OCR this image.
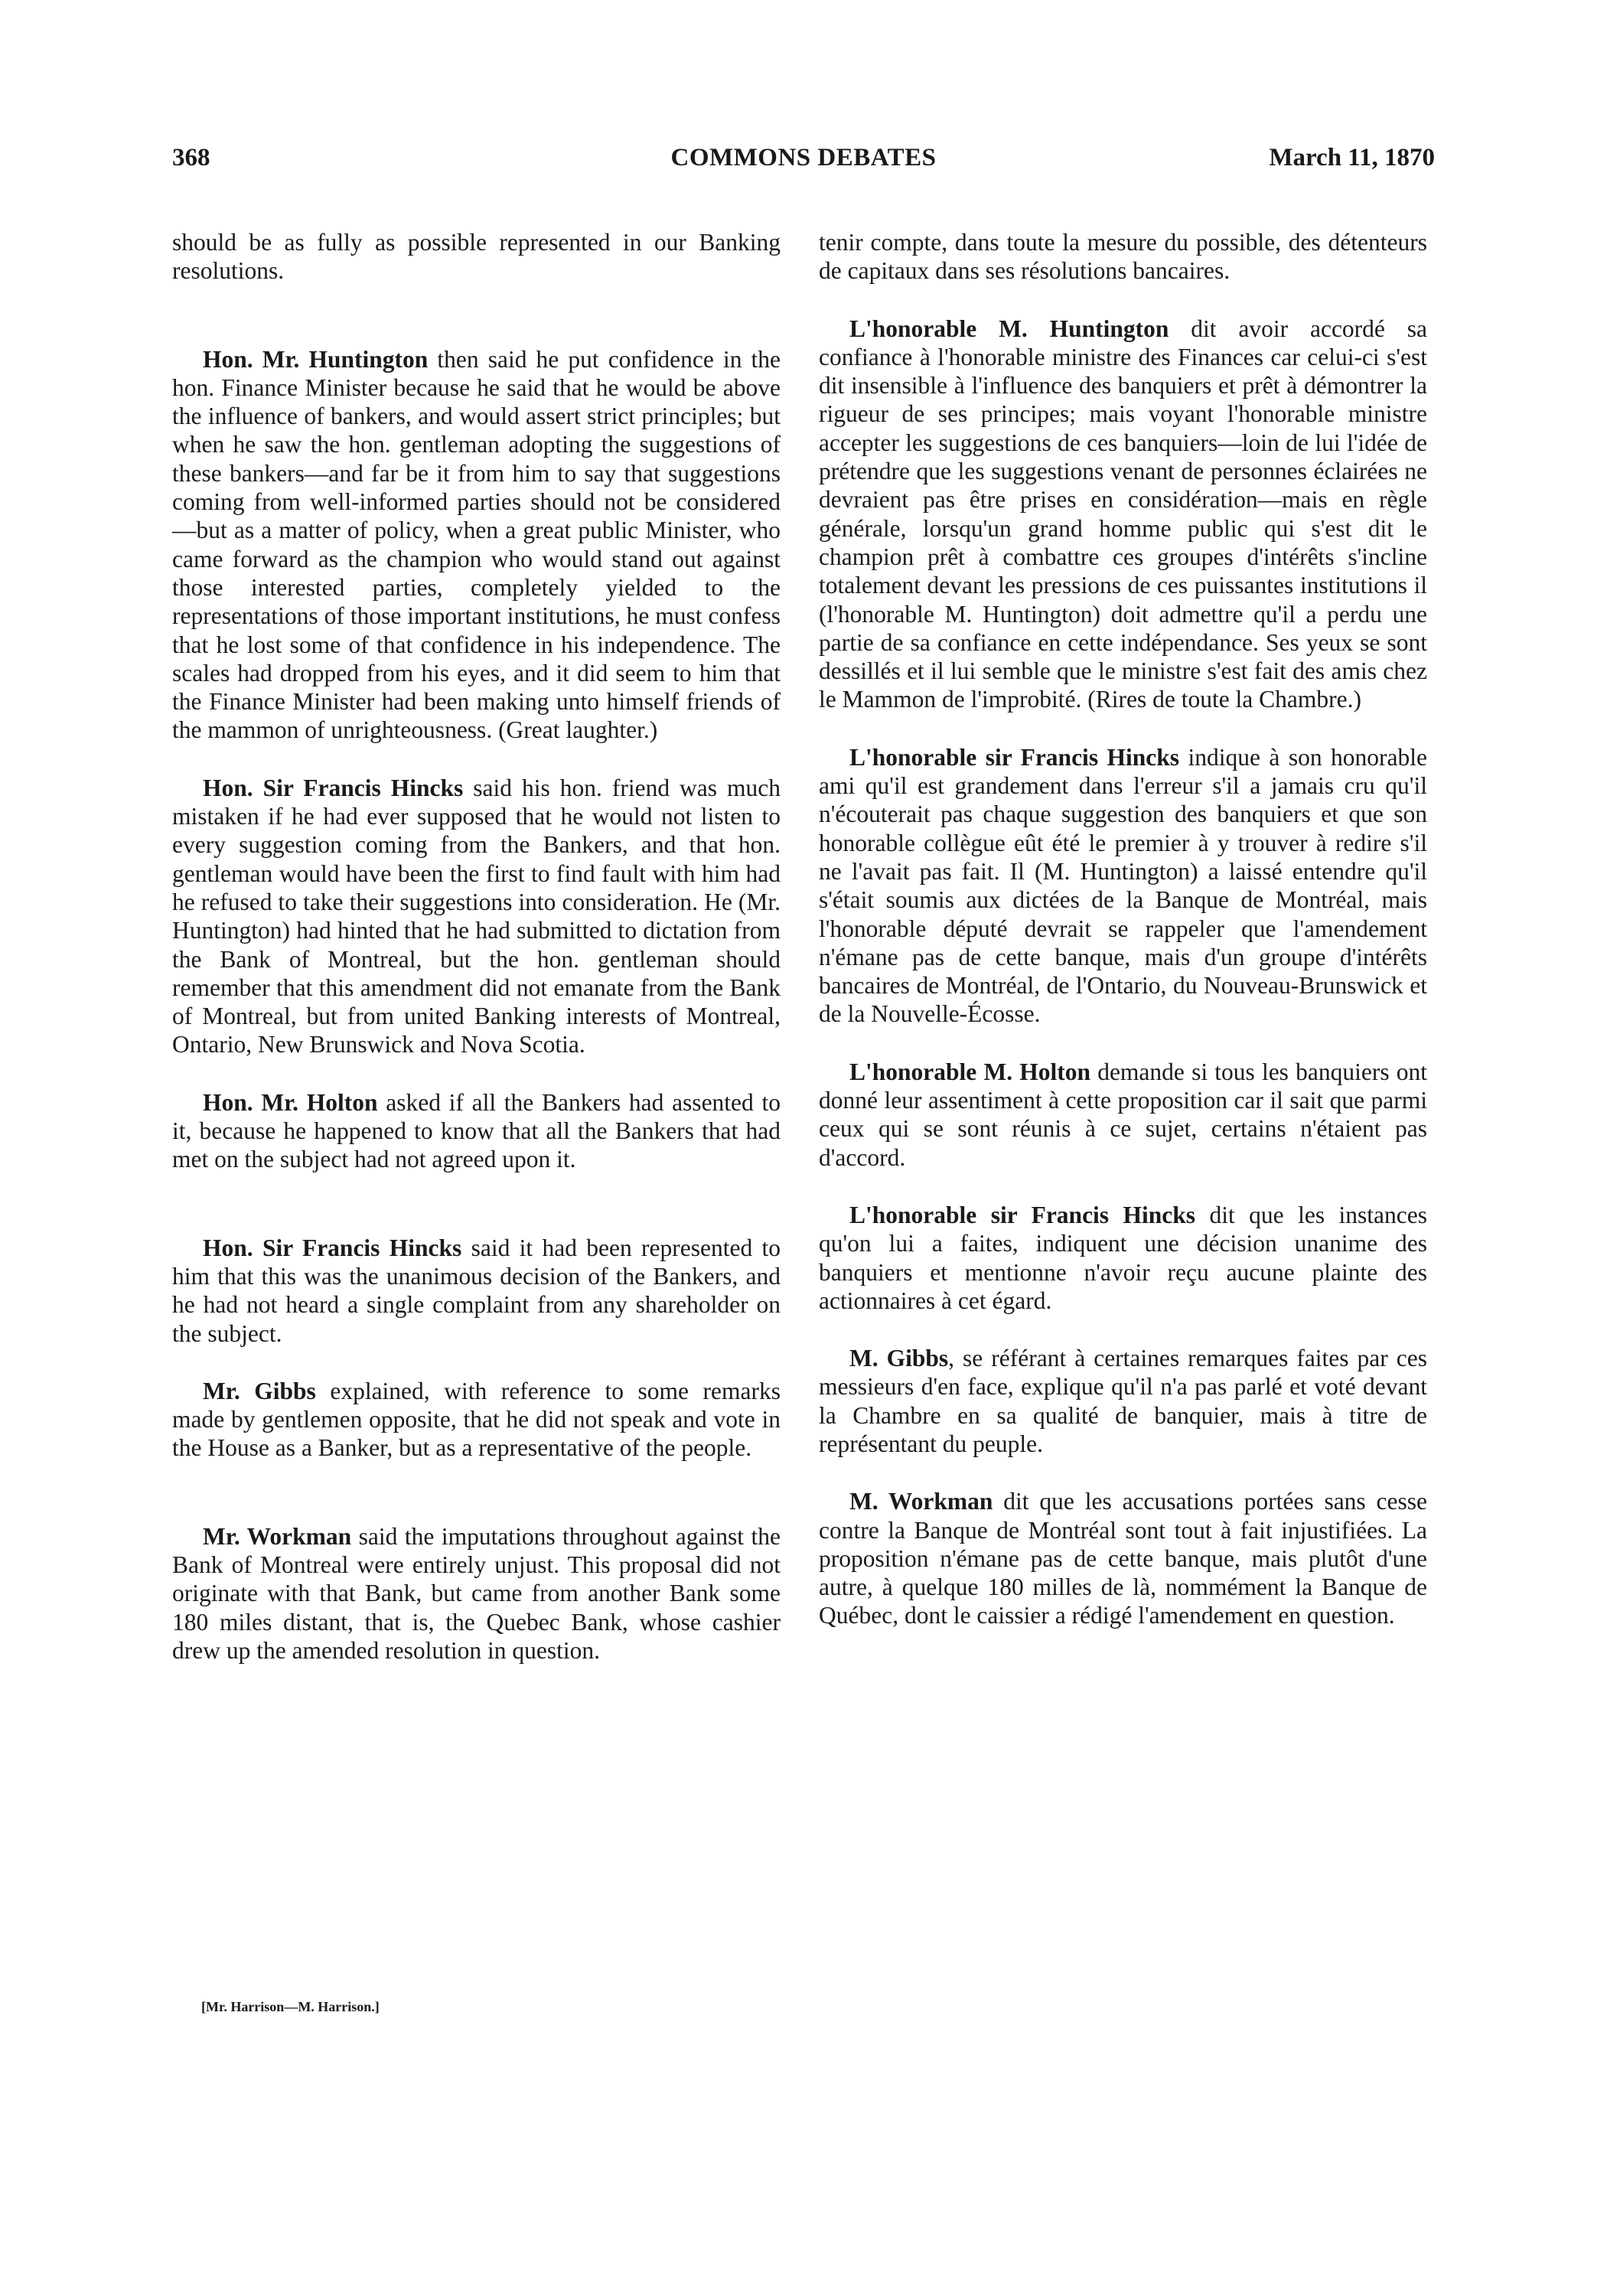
368	COMMONS DEBATES	March 11, 1870

should be as fully as possible represented in our Banking resolutions.

Hon. Mr. Huntington then said he put confidence in the hon. Finance Minister because he said that he would be above the influence of bankers, and would assert strict principles; but when he saw the hon. gentleman adopting the suggestions of these bankers—and far be it from him to say that suggestions coming from well-informed parties should not be considered—but as a matter of policy, when a great public Minister, who came forward as the champion who would stand out against those interested parties, completely yielded to the representations of those important institutions, he must confess that he lost some of that confidence in his independence. The scales had dropped from his eyes, and it did seem to him that the Finance Minister had been making unto himself friends of the mammon of unrighteousness. (Great laughter.)

Hon. Sir Francis Hincks said his hon. friend was much mistaken if he had ever supposed that he would not listen to every suggestion coming from the Bankers, and that hon. gentleman would have been the first to find fault with him had he refused to take their suggestions into consideration. He (Mr. Huntington) had hinted that he had submitted to dictation from the Bank of Montreal, but the hon. gentleman should remember that this amendment did not emanate from the Bank of Montreal, but from united Banking interests of Montreal, Ontario, New Brunswick and Nova Scotia.

Hon. Mr. Holton asked if all the Bankers had assented to it, because he happened to know that all the Bankers that had met on the subject had not agreed upon it.

Hon. Sir Francis Hincks said it had been represented to him that this was the unanimous decision of the Bankers, and he had not heard a single complaint from any shareholder on the subject.

Mr. Gibbs explained, with reference to some remarks made by gentlemen opposite, that he did not speak and vote in the House as a Banker, but as a representative of the people.

Mr. Workman said the imputations throughout against the Bank of Montreal were entirely unjust. This proposal did not originate with that Bank, but came from another Bank some 180 miles distant, that is, the Quebec Bank, whose cashier drew up the amended resolution in question.

tenir compte, dans toute la mesure du possible, des détenteurs de capitaux dans ses résolutions bancaires.

L'honorable M. Huntington dit avoir accordé sa confiance à l'honorable ministre des Finances car celui-ci s'est dit insensible à l'influence des banquiers et prêt à démontrer la rigueur de ses principes; mais voyant l'honorable ministre accepter les suggestions de ces banquiers—loin de lui l'idée de prétendre que les suggestions venant de personnes éclairées ne devraient pas être prises en considération—mais en règle générale, lorsqu'un grand homme public qui s'est dit le champion prêt à combattre ces groupes d'intérêts s'incline totalement devant les pressions de ces puissantes institutions il (l'honorable M. Huntington) doit admettre qu'il a perdu une partie de sa confiance en cette indépendance. Ses yeux se sont dessillés et il lui semble que le ministre s'est fait des amis chez le Mammon de l'improbité. (Rires de toute la Chambre.)

L'honorable sir Francis Hincks indique à son honorable ami qu'il est grandement dans l'erreur s'il a jamais cru qu'il n'écouterait pas chaque suggestion des banquiers et que son honorable collègue eût été le premier à y trouver à redire s'il ne l'avait pas fait. Il (M. Huntington) a laissé entendre qu'il s'était soumis aux dictées de la Banque de Montréal, mais l'honorable député devrait se rappeler que l'amendement n'émane pas de cette banque, mais d'un groupe d'intérêts bancaires de Montréal, de l'Ontario, du Nouveau-Brunswick et de la Nouvelle-Écosse.

L'honorable M. Holton demande si tous les banquiers ont donné leur assentiment à cette proposition car il sait que parmi ceux qui se sont réunis à ce sujet, certains n'étaient pas d'accord.

L'honorable sir Francis Hincks dit que les instances qu'on lui a faites, indiquent une décision unanime des banquiers et mentionne n'avoir reçu aucune plainte des actionnaires à cet égard.

M. Gibbs, se référant à certaines remarques faites par ces messieurs d'en face, explique qu'il n'a pas parlé et voté devant la Chambre en sa qualité de banquier, mais à titre de représentant du peuple.

M. Workman dit que les accusations portées sans cesse contre la Banque de Montréal sont tout à fait injustifiées. La proposition n'émane pas de cette banque, mais plutôt d'une autre, à quelque 180 milles de là, nommément la Banque de Québec, dont le caissier a rédigé l'amendement en question.

[Mr. Harrison—M. Harrison.]
